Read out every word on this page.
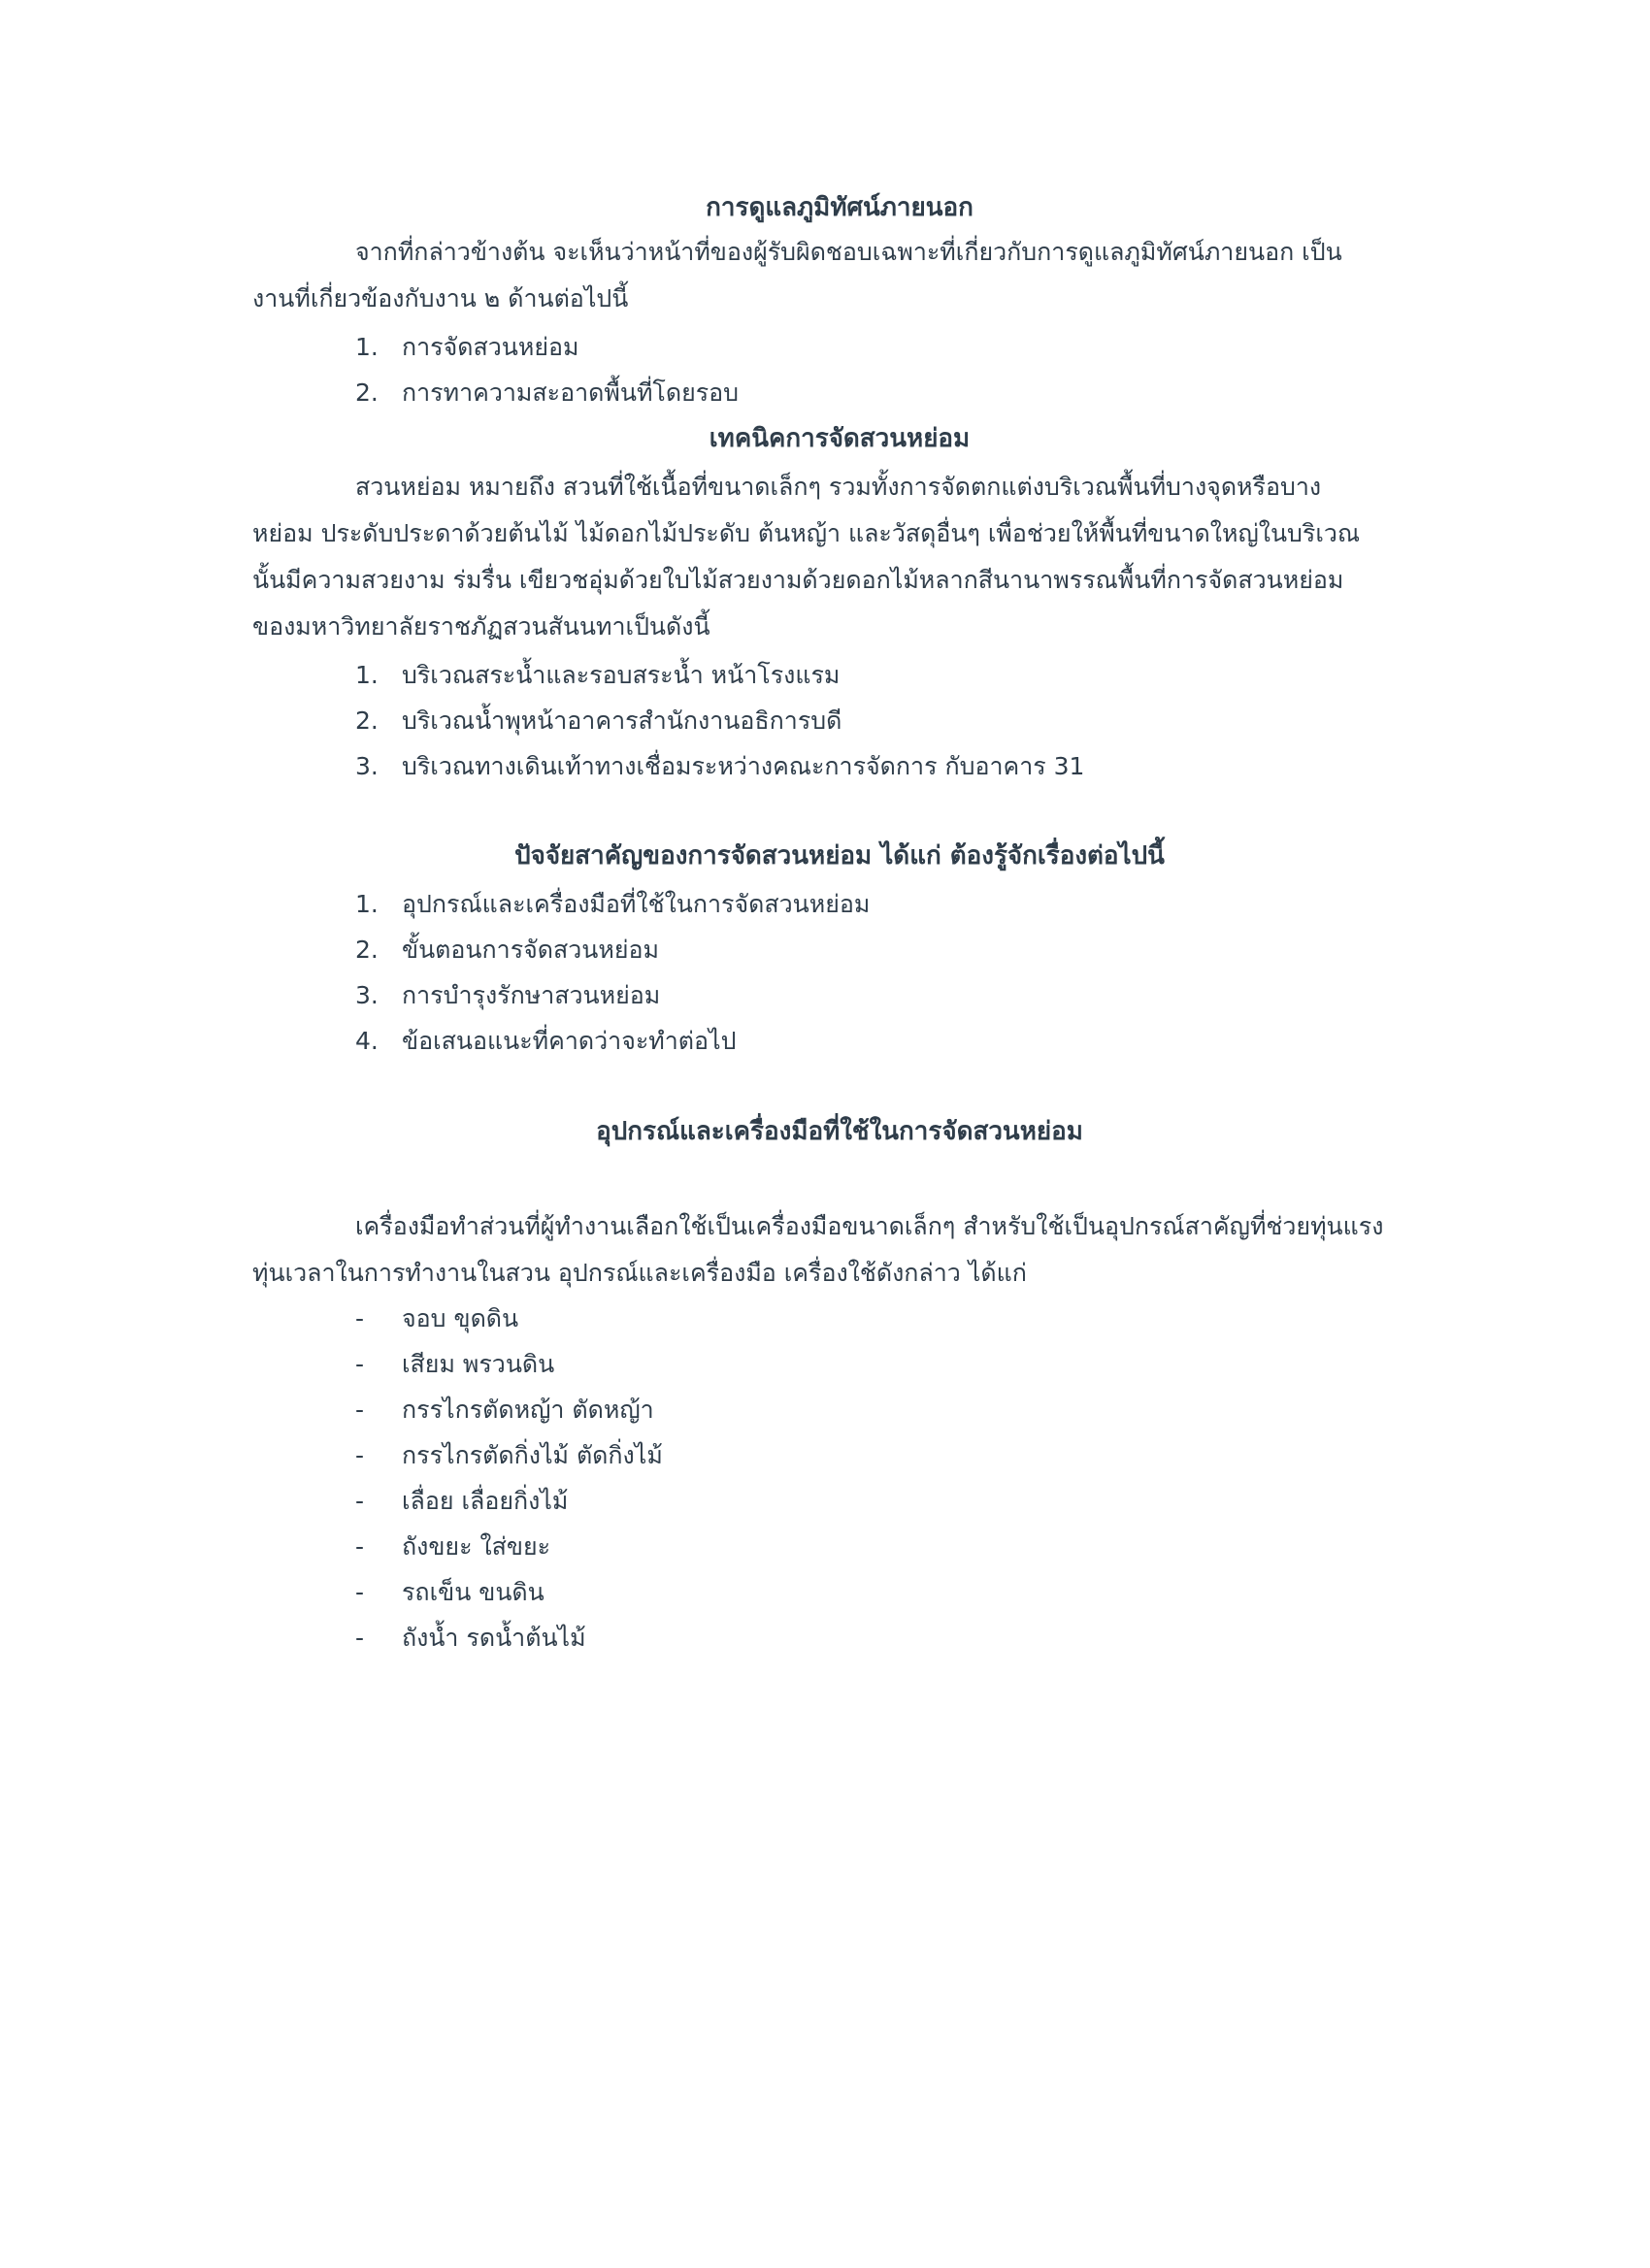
การดูแลภูมิทัศน์ภายนอก

จากที่กล่าวข้างต้น จะเห็นว่าหน้าที่ของผู้รับผิดชอบเฉพาะที่เกี่ยวกับการดูแลภูมิทัศน์ภายนอก เป็น
งานที่เกี่ยวข้องกับงาน ๒ ด้านต่อไปนี้

1. การจัดสวนหย่อม
2. การทาความสะอาดพื้นที่โดยรอบ
เทคนิคการจัดสวนหย่อม

สวนหย่อม หมายถึง สวนที่ใช้เนื้อที่ขนาดเล็กๆ รวมทั้งการจัดตกแต่งบริเวณพื้นที่บางจุดหรือบาง
หย่อม ประดับประดาด้วยต้นไม้ ไม้ดอกไม้ประดับ ต้นหญ้า และวัสดุอื่นๆ เพื่อช่วยให้พื้นที่ขนาดใหญ่ในบริเวณ
นั้นมีความสวยงาม ร่มรื่น เขียวชอุ่มด้วยใบไม้สวยงามด้วยดอกไม้หลากสีนานาพรรณพื้นที่การจัดสวนหย่อม
ของมหาวิทยาลัยราชภัฏสวนสันนทาเป็นดังนี้

1. บริเวณสระน้ำและรอบสระน้ำ หน้าโรงแรม
2. บริเวณน้ำพุหน้าอาคารสำนักงานอธิการบดี
3. บริเวณทางเดินเท้าทางเชื่อมระหว่างคณะการจัดการ กับอาคาร 31
ปัจจัยสาคัญของการจัดสวนหย่อม ได้แก่ ต้องรู้จักเรื่องต่อไปนี้
1. อุปกรณ์และเครื่องมือที่ใช้ในการจัดสวนหย่อม
2. ขั้นตอนการจัดสวนหย่อม
3. การบำรุงรักษาสวนหย่อม
4. ข้อเสนอแนะที่คาดว่าจะทำต่อไป
อุปกรณ์และเครื่องมือที่ใช้ในการจัดสวนหย่อม

เครื่องมือทำส่วนที่ผู้ทำงานเลือกใช้เป็นเครื่องมือขนาดเล็กๆ สำหรับใช้เป็นอุปกรณ์สาคัญที่ช่วยทุ่นแรง
ทุ่นเวลาในการทำงานในสวน อุปกรณ์และเครื่องมือ เครื่องใช้ดังกล่าว ได้แก่

- จอบ ขุดดิน
- เสียม พรวนดิน
- กรรไกรตัดหญ้า ตัดหญ้า
- กรรไกรตัดกิ่งไม้ ตัดกิ่งไม้
- เลื่อย เลื่อยกิ่งไม้
- ถังขยะ ใส่ขยะ
- รถเข็น ขนดิน
- ถังน้ำ รดน้ำต้นไม้
